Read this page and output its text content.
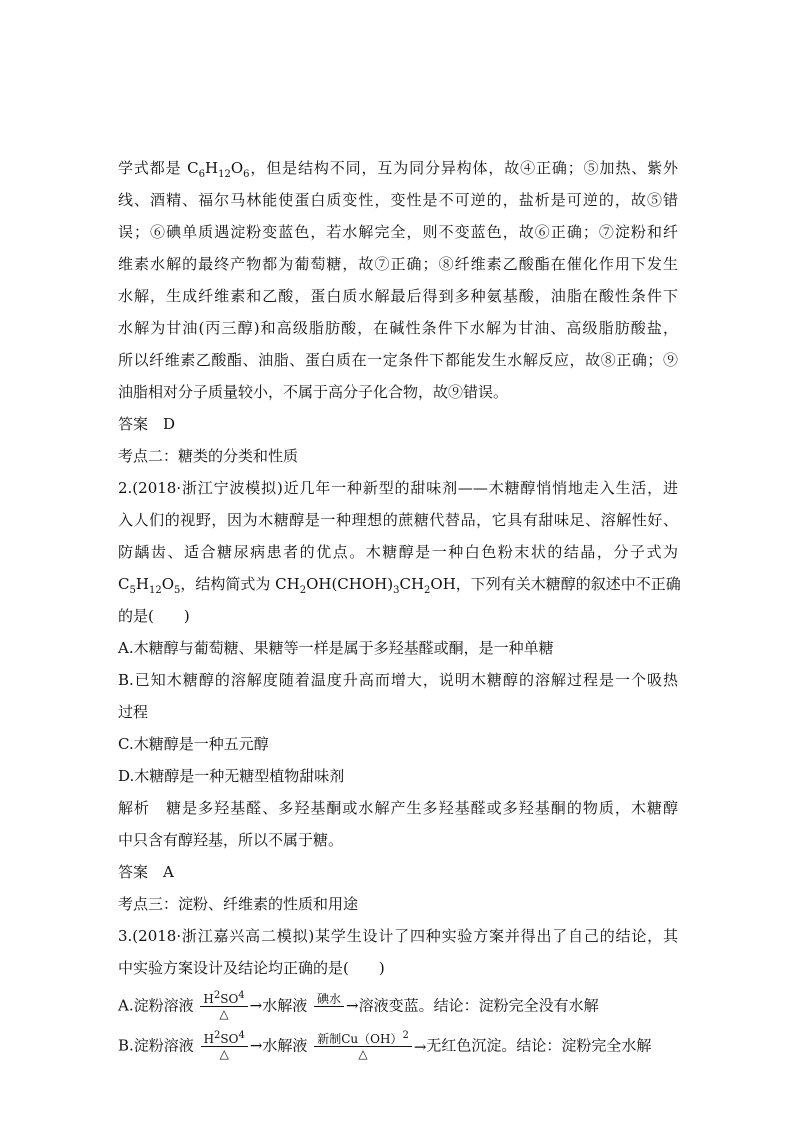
学式都是 $C_6H_{12}O_6$，但是结构不同，互为同分异构体，故④正确；⑤加热、紫外
线、酒精、福尔马林能使蛋白质变性，变性是不可逆的，盐析是可逆的，故⑤错
误；⑥碘单质遇淀粉变蓝色，若水解完全，则不变蓝色，故⑥正确；⑦淀粉和纤
维素水解的最终产物都为葡萄糖，故⑦正确；⑧纤维素乙酸酯在催化作用下发生
水解，生成纤维素和乙酸，蛋白质水解最后得到多种氨基酸，油脂在酸性条件下
水解为甘油(丙三醇)和高级脂肪酸，在碱性条件下水解为甘油、高级脂肪酸盐，
所以纤维素乙酸酯、油脂、蛋白质在一定条件下都能发生水解反应，故⑧正确；⑨
油脂相对分子质量较小，不属于高分子化合物，故⑨错误。
答案　D
考点二：糖类的分类和性质
2.(2018·浙江宁波模拟)近几年一种新型的甜味剂——木糖醇悄悄地走入生活，进
入人们的视野，因为木糖醇是一种理想的蔗糖代替品，它具有甜味足、溶解性好、
防龋齿、适合糖尿病患者的优点。木糖醇是一种白色粉末状的结晶，分子式为
$C_5H_{12}O_5$，结构简式为 $CH_2OH(CHOH)_3CH_2OH$，下列有关木糖醇的叙述中不正确
的是(　　)
A.木糖醇与葡萄糖、果糖等一样是属于多羟基醛或酮，是一种单糖
B.已知木糖醇的溶解度随着温度升高而增大，说明木糖醇的溶解过程是一个吸热
过程
C.木糖醇是一种五元醇
D.木糖醇是一种无糖型植物甜味剂
解析　糖是多羟基醛、多羟基酮或水解产生多羟基醛或多羟基酮的物质，木糖醇
中只含有醇羟基，所以不属于糖。
答案　A
考点三：淀粉、纤维素的性质和用途
3.(2018·浙江嘉兴高二模拟)某学生设计了四种实验方案并得出了自己的结论，其
中实验方案设计及结论均正确的是(　　)
A.淀粉溶液 $H^2SO^4$
△	→水解液 碘水
→溶液变蓝。结论：淀粉完全没有水解
B.淀粉溶液 $H^2SO^4$
△	→水解液 新制Cu（OH）$^2$
△	→无红色沉淀。结论：淀粉完全水解
